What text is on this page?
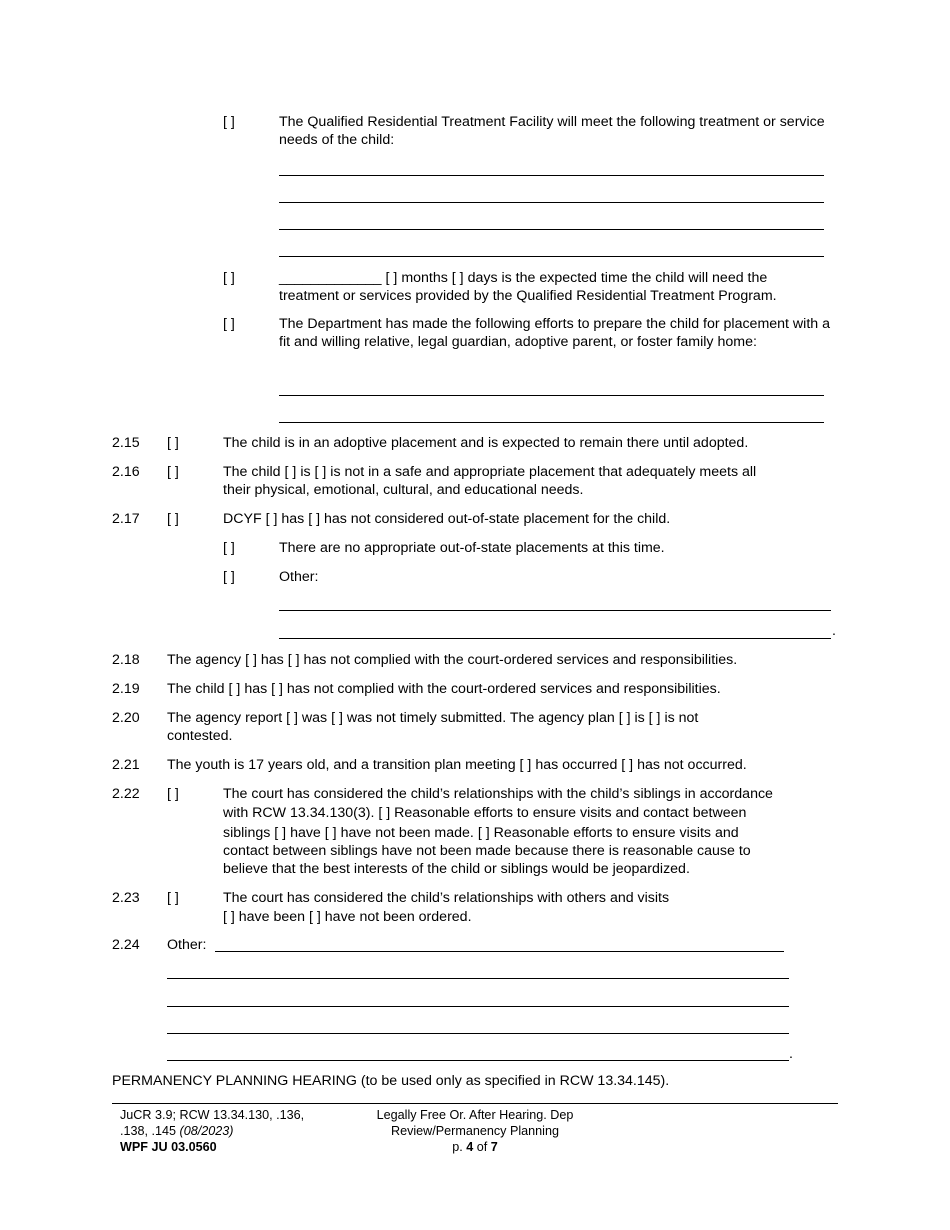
[ ]	The Qualified Residential Treatment Facility will meet the following treatment or service needs of the child:
[ ]	_____________ [ ] months [ ] days is the expected time the child will need the
treatment or services provided by the Qualified Residential Treatment Program.
[ ]	The Department has made the following efforts to prepare the child for placement with a fit and willing relative, legal guardian, adoptive parent, or foster family home:
2.15 [ ]	The child is in an adoptive placement and is expected to remain there until adopted.
2.16 [ ]	The child [ ] is [ ] is not in a safe and appropriate placement that adequately meets all
their physical, emotional, cultural, and educational needs.
2.17 [ ]	DCYF [ ] has [ ] has not considered out-of-state placement for the child.
[ ]	There are no appropriate out-of-state placements at this time.
[ ]	Other:
.
2.18 The agency [ ] has [ ] has not complied with the court-ordered services and responsibilities.
2.19 The child [ ] has [ ] has not complied with the court-ordered services and responsibilities.
2.20 The agency report [ ] was [ ] was not timely submitted. The agency plan [ ] is [ ] is not
contested.
2.21 The youth is 17 years old, and a transition plan meeting [ ] has occurred [ ] has not occurred.
2.22 [ ]	The court has considered the child’s relationships with the child’s siblings in accordance
with RCW 13.34.130(3). [ ] Reasonable efforts to ensure visits and contact between
siblings [ ] have [ ] have not been made. [ ] Reasonable efforts to ensure visits and
contact between siblings have not been made because there is reasonable cause to
believe that the best interests of the child or siblings would be jeopardized.
2.23 [ ]	The court has considered the child’s relationships with others and visits
[ ] have been [ ] have not been ordered.
2.24 Other:
.
PERMANENCY PLANNING HEARING (to be used only as specified in RCW 13.34.145).
JuCR 3.9; RCW 13.34.130, .136,
.138, .145 (08/2023)
WPF JU 03.0560
Legally Free Or. After Hearing. Dep
Review/Permanency Planning
p. 4 of 7
